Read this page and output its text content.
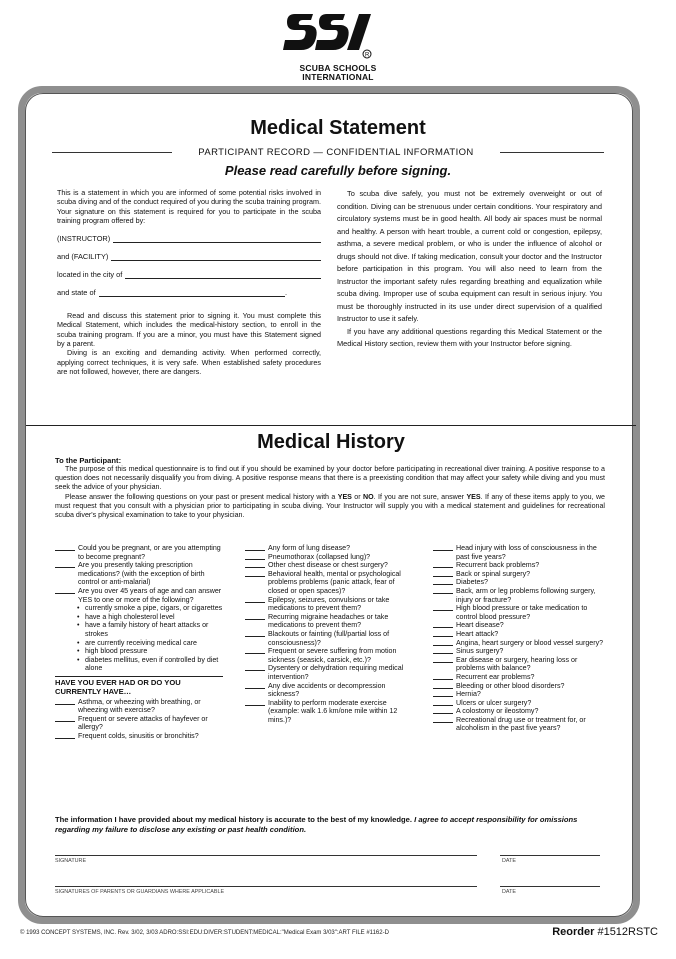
R
SCUBA SCHOOLS
INTERNATIONAL
Medical Statement
PARTICIPANT RECORD — CONFIDENTIAL INFORMATION
Please read carefully before signing.

This is a statement in which you are informed of some potential risks involved in scuba diving and of the conduct required of you during the scuba training program. Your signature on this statement is required for you to participate in the scuba training program offered by:

(INSTRUCTOR)
and (FACILITY)
located in the city of
and state of	.

Read and discuss this statement prior to signing it. You must complete this Medical Statement, which includes the medical-history section, to enroll in the scuba training program. If you are a minor, you must have this Statement signed by a parent.

Diving is an exciting and demanding activity. When performed correctly, applying correct techniques, it is very safe. When established safety procedures are not followed, however, there are dangers.

To scuba dive safely, you must not be extremely overweight or out of condition. Diving can be strenuous under certain conditions. Your respiratory and circulatory systems must be in good health. All body air spaces must be normal and healthy. A person with heart trouble, a current cold or congestion, epilepsy, asthma, a severe medical problem, or who is under the influence of alcohol or drugs should not dive. If taking medication, consult your doctor and the Instructor before participation in this program. You will also need to learn from the Instructor the important safety rules regarding breathing and equalization while scuba diving. Improper use of scuba equipment can result in serious injury. You must be thoroughly instructed in its use under direct supervision of a qualified Instructor to use it safely.

If you have any additional questions regarding this Medical Statement or the Medical History section, review them with your Instructor before signing.

Medical History
To the Participant:

The purpose of this medical questionnaire is to find out if you should be examined by your doctor before participating in recreational diver training. A positive response to a question does not necessarily disqualify you from diving. A positive response means that there is a preexisting condition that may affect your safety while diving and you must seek the advice of your physician.

Please answer the following questions on your past or present medical history with a YES or NO. If you are not sure, answer YES. If any of these items apply to you, we must request that you consult with a physician prior to participating in scuba diving. Your Instructor will supply you with a medical statement and guidelines for recreational scuba diver's physical examination to take to your physician.

Could you be pregnant, or are you attempting to become pregnant?
Are you presently taking prescription medications? (with the exception of birth control or anti-malarial)
Are you over 45 years of age and can answer YES to one or more of the following?
• currently smoke a pipe, cigars, or cigarettes
• have a high cholesterol level
• have a family history of heart attacks or strokes
• are currently receiving medical care
• high blood pressure
• diabetes mellitus, even if controlled by diet alone
HAVE YOU EVER HAD OR DO YOU CURRENTLY HAVE…
Asthma, or wheezing with breathing, or wheezing with exercise?
Frequent or severe attacks of hayfever or allergy?
Frequent colds, sinusitis or bronchitis?
Any form of lung disease?
Pneumothorax (collapsed lung)?
Other chest disease or chest surgery?
Behavioral health, mental or psychological problems problems (panic attack, fear of closed or open spaces)?
Epilepsy, seizures, convulsions or take medications to prevent them?
Recurring migraine headaches or take medications to prevent them?
Blackouts or fainting (full/partial loss of consciousness)?
Frequent or severe suffering from motion sickness (seasick, carsick, etc.)?
Dysentery or dehydration requiring medical intervention?
Any dive accidents or decompression sickness?
Inability to perform moderate exercise (example: walk 1.6 km/one mile within 12 mins.)?
Head injury with loss of consciousness in the past five years?
Recurrent back problems?
Back or spinal surgery?
Diabetes?
Back, arm or leg problems following surgery, injury or fracture?
High blood pressure or take medication to control blood pressure?
Heart disease?
Heart attack?
Angina, heart surgery or blood vessel surgery?
Sinus surgery?
Ear disease or surgery, hearing loss or problems with balance?
Recurrent ear problems?
Bleeding or other blood disorders?
Hernia?
Ulcers or ulcer surgery?
A colostomy or ileostomy?
Recreational drug use or treatment for, or alcoholism in the past five years?
The information I have provided about my medical history is accurate to the best of my knowledge. I agree to accept responsibility for omissions regarding my failure to disclose any existing or past health condition.
SIGNATURE	DATE
SIGNATURES OF PARENTS OR GUARDIANS WHERE APPLICABLE	DATE
© 1993 CONCEPT SYSTEMS, INC. Rev. 3/02, 3/03 ADRO:SSI:EDU:DIVER:STUDENT:MEDICAL:"Medical Exam 3/03":ART FILE #1162-D	Reorder #1512RSTC
